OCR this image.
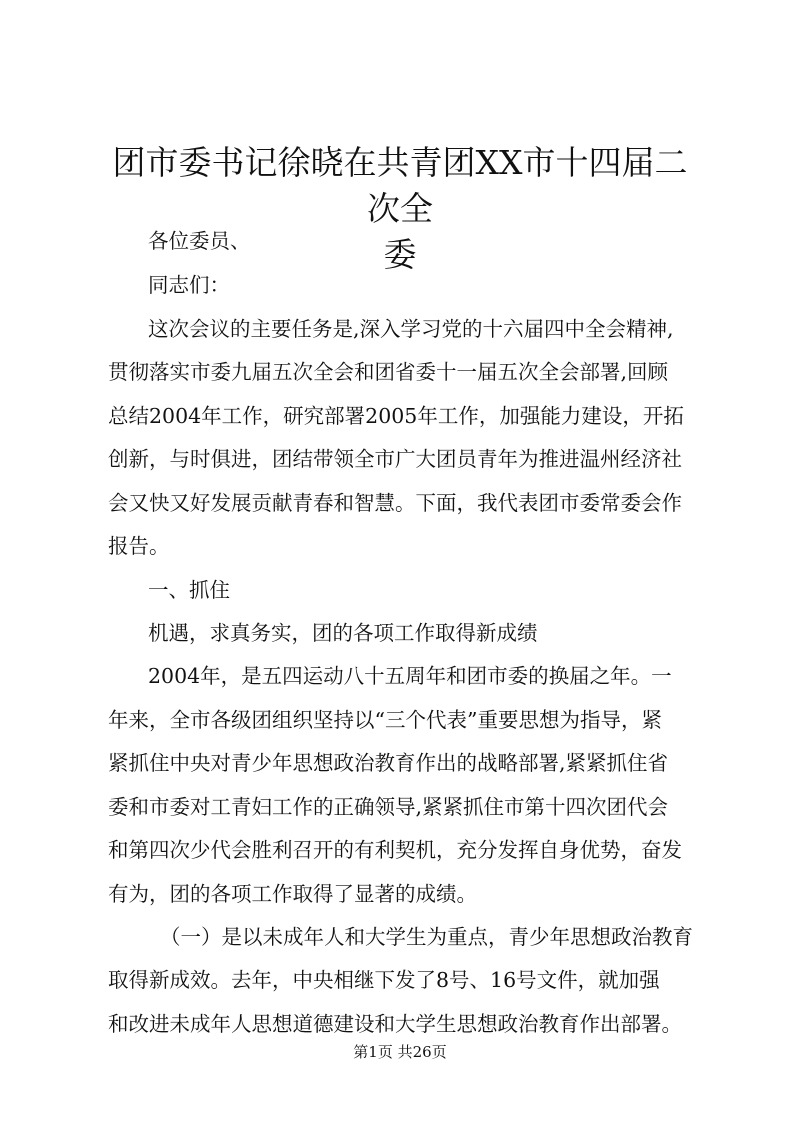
团市委书记徐晓在共青团XX市十四届二次全
委

各位委员、

同志们：

这次会议的主要任务是,深入学习党的十六届四中全会精神,

贯彻落实市委九届五次全会和团省委十一届五次全会部署,回顾

总结2004年工作，研究部署2005年工作，加强能力建设，开拓

创新，与时俱进，团结带领全市广大团员青年为推进温州经济社

会又快又好发展贡献青春和智慧。下面，我代表团市委常委会作

报告。

一、抓住

机遇，求真务实，团的各项工作取得新成绩

2004年，是五四运动八十五周年和团市委的换届之年。一

年来，全市各级团组织坚持以“三个代表”重要思想为指导，紧

紧抓住中央对青少年思想政治教育作出的战略部署,紧紧抓住省

委和市委对工青妇工作的正确领导,紧紧抓住市第十四次团代会

和第四次少代会胜利召开的有利契机，充分发挥自身优势，奋发

有为，团的各项工作取得了显著的成绩。

（一）是以未成年人和大学生为重点，青少年思想政治教育

取得新成效。去年，中央相继下发了8号、16号文件，就加强

和改进未成年人思想道德建设和大学生思想政治教育作出部署。

第1页 共26页
